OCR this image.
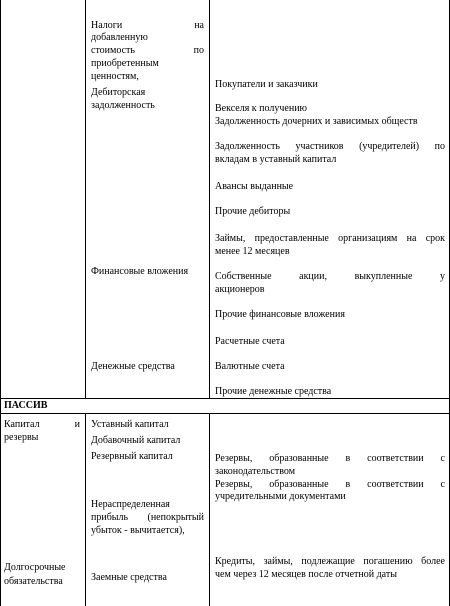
Налоги на
добавленную
стоимость по
приобретенным
ценностям,
Дебиторская
задолженность
Финансовые вложения
Денежные средства
Покупатели и заказчики
Векселя к получению
Задолженность дочерних и зависимых обществ
Задолженность участников (учредителей) по
вкладам в уставный капитал
Авансы выданные
Прочие дебиторы
Займы, предоставленные организациям на срок
менее 12 месяцев
Собственные акции, выкупленные у
акционеров
Прочие финансовые вложения
Расчетные счета
Валютные счета
Прочие денежные средства
ПАССИВ
Капитал и
резервы
Долгосрочные
обязательства
Уставный капитал
Добавочный капитал
Резервный капитал
Нераспределенная
прибыль (непокрытый
убыток - вычитается),
Заемные средства
Резервы, образованные в соответствии с
законодательством
Резервы, образованные в соответствии с
учредительными документами
Кредиты, займы, подлежащие погашению более
чем через 12 месяцев после отчетной даты
